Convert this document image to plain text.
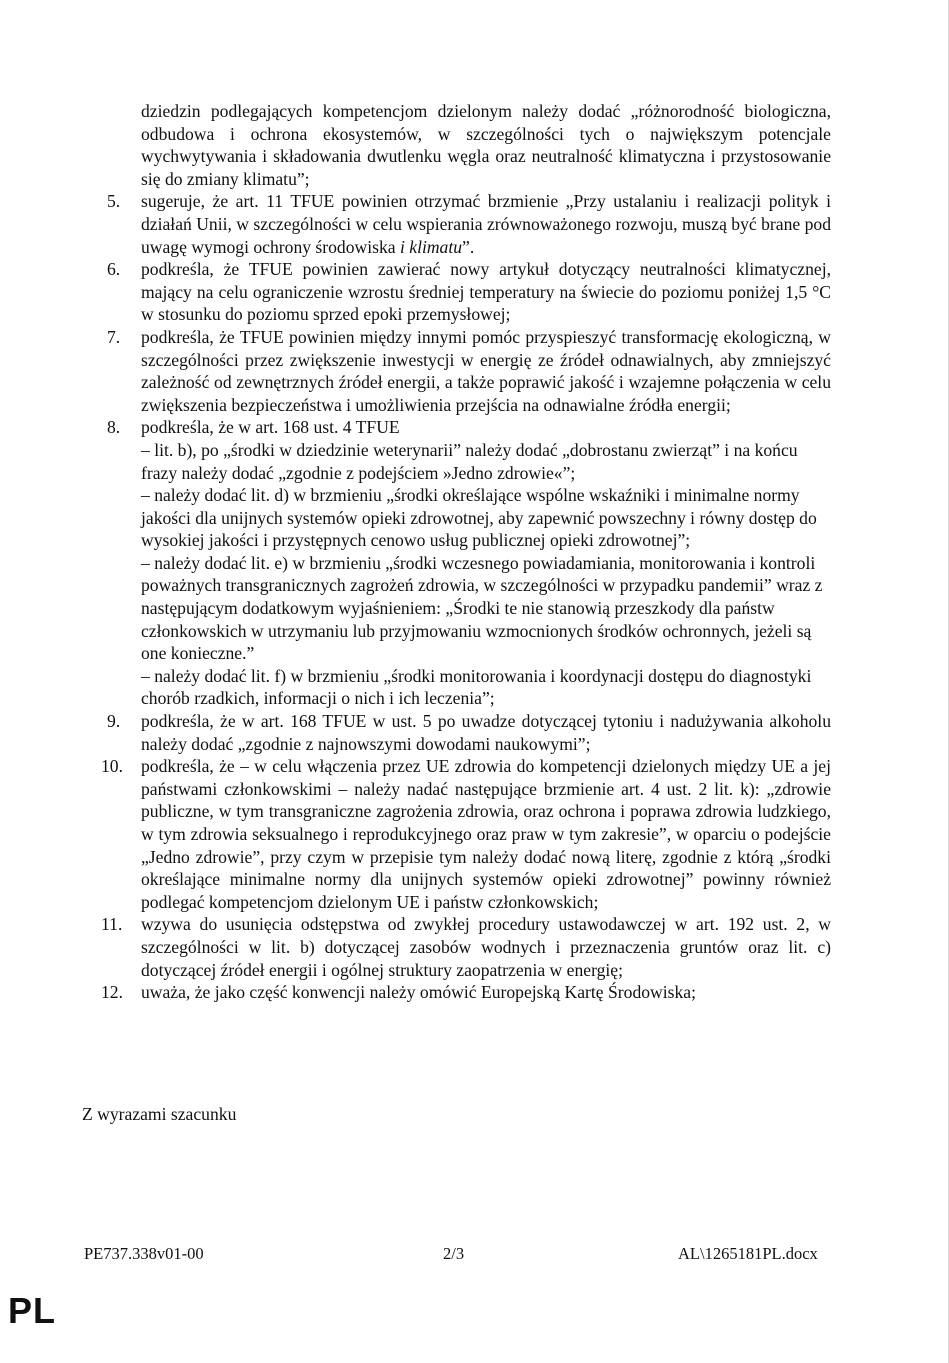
dziedzin podlegających kompetencjom dzielonym należy dodać „różnorodność biologiczna, odbudowa i ochrona ekosystemów, w szczególności tych o największym potencjale wychwytywania i składowania dwutlenku węgla oraz neutralność klimatyczna i przystosowanie się do zmiany klimatu”;
5.	sugeruje, że art. 11 TFUE powinien otrzymać brzmienie „Przy ustalaniu i realizacji polityk i działań Unii, w szczególności w celu wspierania zrównoważonego rozwoju, muszą być brane pod uwagę wymogi ochrony środowiska i klimatu”.
6.	podkreśla, że TFUE powinien zawierać nowy artykuł dotyczący neutralności klimatycznej, mający na celu ograniczenie wzrostu średniej temperatury na świecie do poziomu poniżej 1,5 °C w stosunku do poziomu sprzed epoki przemysłowej;
7.	podkreśla, że TFUE powinien między innymi pomóc przyspieszyć transformację ekologiczną, w szczególności przez zwiększenie inwestycji w energię ze źródeł odnawialnych, aby zmniejszyć zależność od zewnętrznych źródeł energii, a także poprawić jakość i wzajemne połączenia w celu zwiększenia bezpieczeństwa i umożliwienia przejścia na odnawialne źródła energii;
8.	podkreśla, że w art. 168 ust. 4 TFUE
– lit. b), po „środki w dziedzinie weterynarii” należy dodać „dobrostanu zwierząt” i na końcu frazy należy dodać „zgodnie z podejściem »Jedno zdrowie«”;
– należy dodać lit. d) w brzmieniu „środki określające wspólne wskaźniki i minimalne normy jakości dla unijnych systemów opieki zdrowotnej, aby zapewnić powszechny i równy dostęp do wysokiej jakości i przystępnych cenowo usług publicznej opieki zdrowotnej”;
– należy dodać lit. e) w brzmieniu „środki wczesnego powiadamiania, monitorowania i kontroli poważnych transgranicznych zagrożeń zdrowia, w szczególności w przypadku pandemii” wraz z następującym dodatkowym wyjaśnieniem: „Środki te nie stanowią przeszkody dla państw członkowskich w utrzymaniu lub przyjmowaniu wzmocnionych środków ochronnych, jeżeli są one konieczne.”
– należy dodać lit. f) w brzmieniu „środki monitorowania i koordynacji dostępu do diagnostyki chorób rzadkich, informacji o nich i ich leczenia”;
9.	podkreśla, że w art. 168 TFUE w ust. 5 po uwadze dotyczącej tytoniu i nadużywania alkoholu należy dodać „zgodnie z najnowszymi dowodami naukowymi”;
10.	podkreśla, że – w celu włączenia przez UE zdrowia do kompetencji dzielonych między UE a jej państwami członkowskimi – należy nadać następujące brzmienie art. 4 ust. 2 lit. k): „zdrowie publiczne, w tym transgraniczne zagrożenia zdrowia, oraz ochrona i poprawa zdrowia ludzkiego, w tym zdrowia seksualnego i reprodukcyjnego oraz praw w tym zakresie”, w oparciu o podejście „Jedno zdrowie”, przy czym w przepisie tym należy dodać nową literę, zgodnie z którą „środki określające minimalne normy dla unijnych systemów opieki zdrowotnej” powinny również podlegać kompetencjom dzielonym UE i państw członkowskich;
11.	wzywa do usunięcia odstępstwa od zwykłej procedury ustawodawczej w art. 192 ust. 2, w szczególności w lit. b) dotyczącej zasobów wodnych i przeznaczenia gruntów oraz lit. c) dotyczącej źródeł energii i ogólnej struktury zaopatrzenia w energię;
12.	uważa, że jako część konwencji należy omówić Europejską Kartę Środowiska;
Z wyrazami szacunku
PE737.338v01-00	2/3	AL\1265181PL.docx
PL
